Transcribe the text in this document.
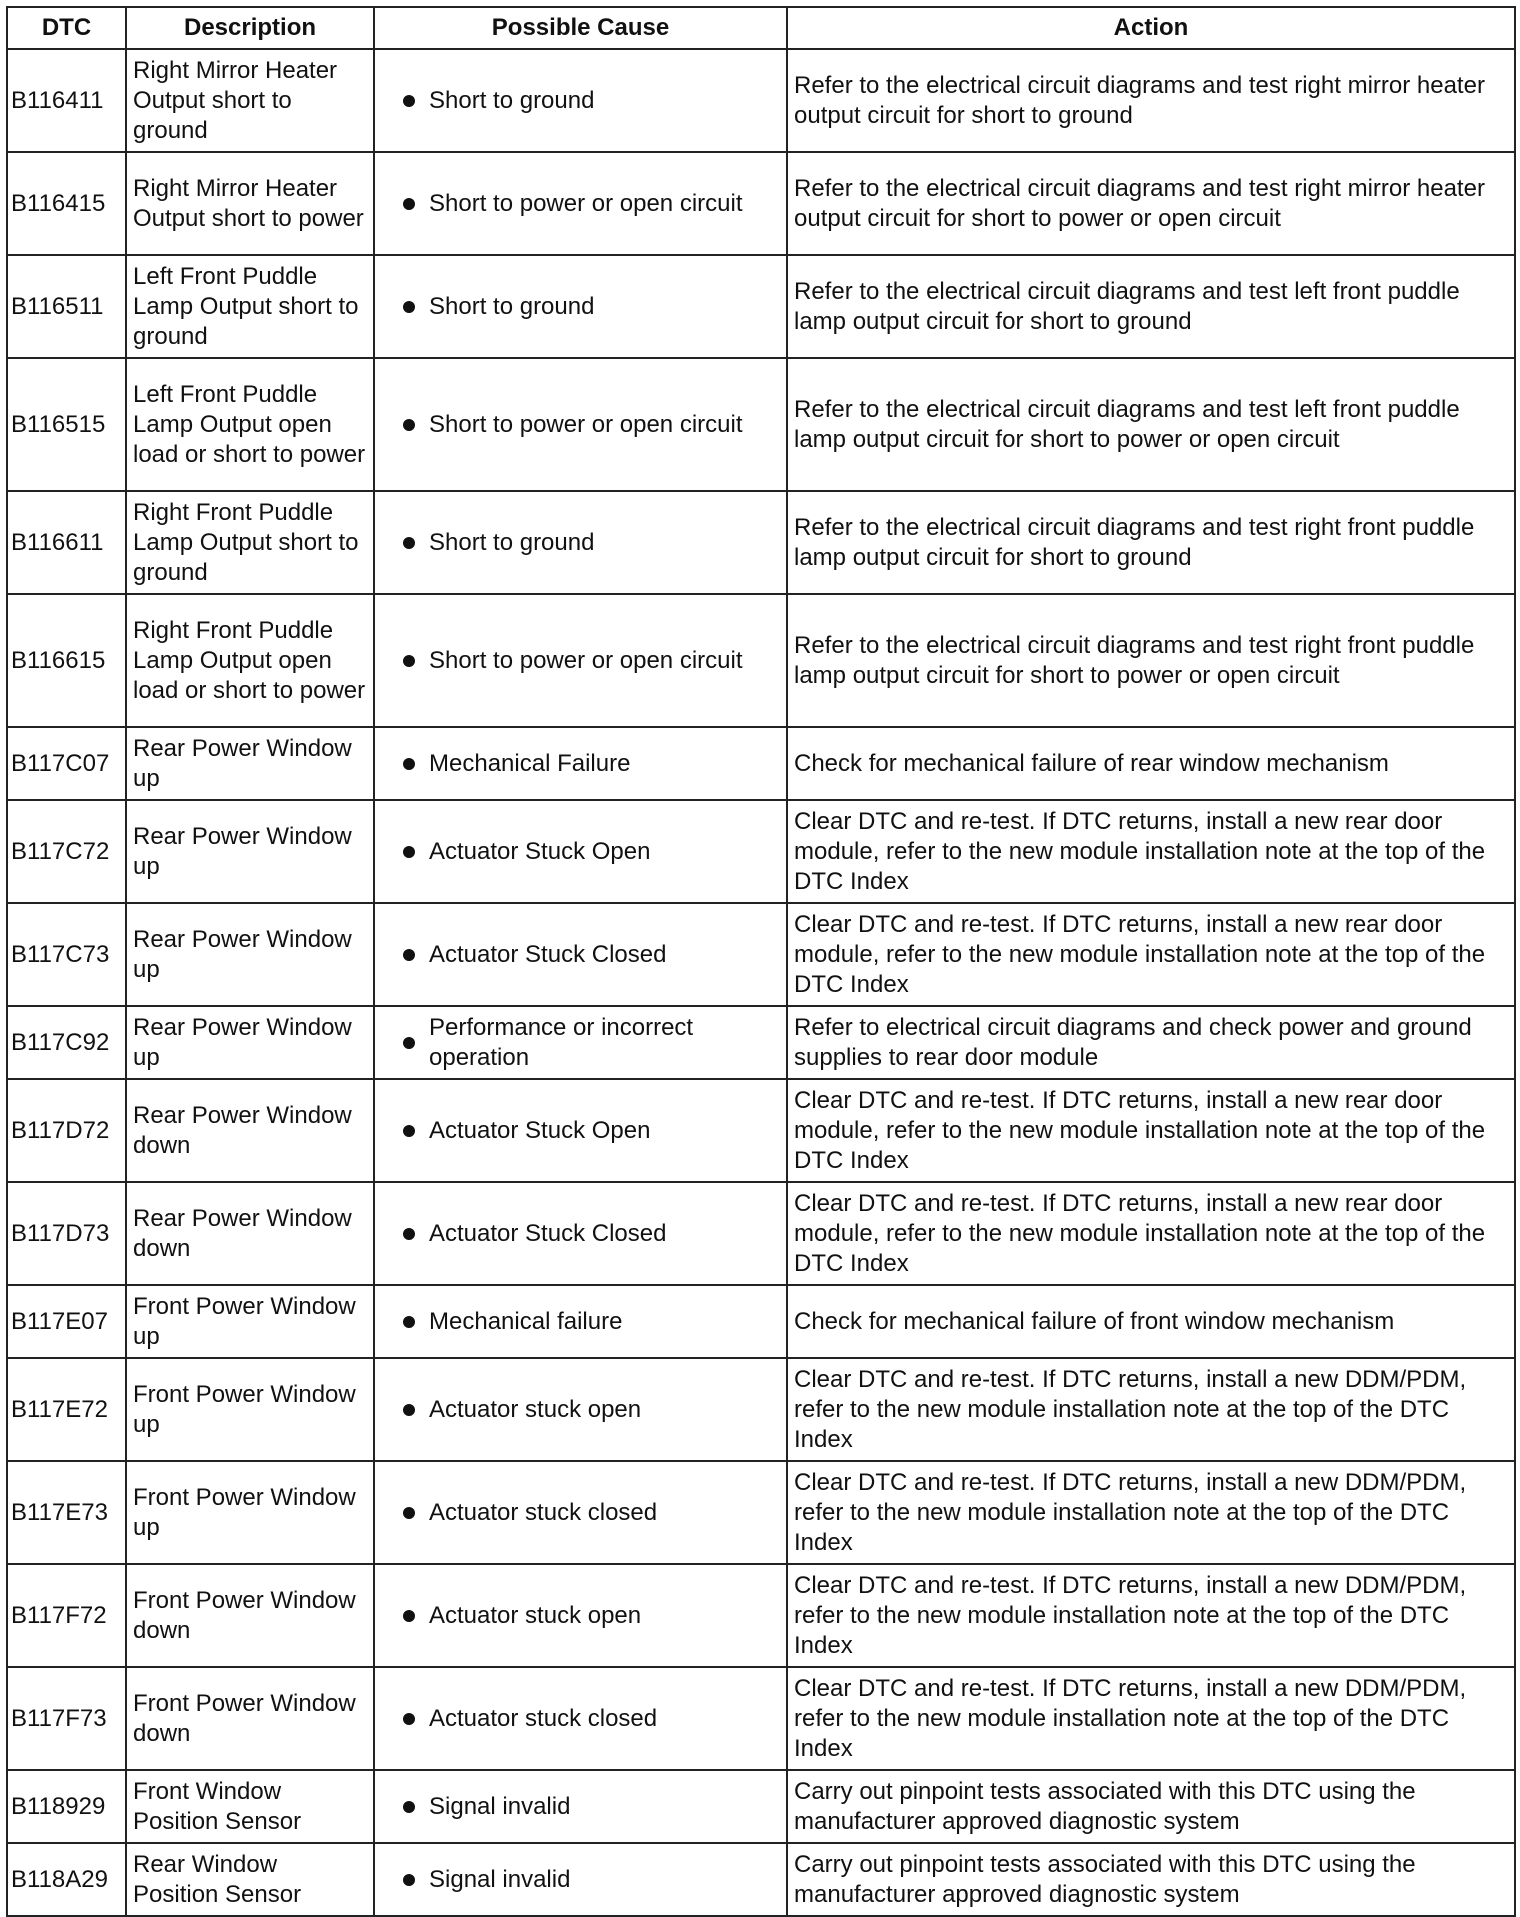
DTC	Description	Possible Cause	Action
B116411	Right Mirror Heater Output short to ground	Short to ground	Refer to the electrical circuit diagrams and test right mirror heater output circuit for short to ground
B116415	Right Mirror Heater Output short to power	Short to power or open circuit	Refer to the electrical circuit diagrams and test right mirror heater output circuit for short to power or open circuit
B116511	Left Front Puddle Lamp Output short to ground	Short to ground	Refer to the electrical circuit diagrams and test left front puddle lamp output circuit for short to ground
B116515	Left Front Puddle Lamp Output open load or short to power	Short to power or open circuit	Refer to the electrical circuit diagrams and test left front puddle lamp output circuit for short to power or open circuit
B116611	Right Front Puddle Lamp Output short to ground	Short to ground	Refer to the electrical circuit diagrams and test right front puddle lamp output circuit for short to ground
B116615	Right Front Puddle Lamp Output open load or short to power	Short to power or open circuit	Refer to the electrical circuit diagrams and test right front puddle lamp output circuit for short to power or open circuit
B117C07	Rear Power Window up	Mechanical Failure	Check for mechanical failure of rear window mechanism
B117C72	Rear Power Window up	Actuator Stuck Open	Clear DTC and re-test. If DTC returns, install a new rear door module, refer to the new module installation note at the top of the DTC Index
B117C73	Rear Power Window up	Actuator Stuck Closed	Clear DTC and re-test. If DTC returns, install a new rear door module, refer to the new module installation note at the top of the DTC Index
B117C92	Rear Power Window up	Performance or incorrect operation	Refer to electrical circuit diagrams and check power and ground supplies to rear door module
B117D72	Rear Power Window down	Actuator Stuck Open	Clear DTC and re-test. If DTC returns, install a new rear door module, refer to the new module installation note at the top of the DTC Index
B117D73	Rear Power Window down	Actuator Stuck Closed	Clear DTC and re-test. If DTC returns, install a new rear door module, refer to the new module installation note at the top of the DTC Index
B117E07	Front Power Window up	Mechanical failure	Check for mechanical failure of front window mechanism
B117E72	Front Power Window up	Actuator stuck open	Clear DTC and re-test. If DTC returns, install a new DDM/PDM, refer to the new module installation note at the top of the DTC Index
B117E73	Front Power Window up	Actuator stuck closed	Clear DTC and re-test. If DTC returns, install a new DDM/PDM, refer to the new module installation note at the top of the DTC Index
B117F72	Front Power Window down	Actuator stuck open	Clear DTC and re-test. If DTC returns, install a new DDM/PDM, refer to the new module installation note at the top of the DTC Index
B117F73	Front Power Window down	Actuator stuck closed	Clear DTC and re-test. If DTC returns, install a new DDM/PDM, refer to the new module installation note at the top of the DTC Index
B118929	Front Window Position Sensor	Signal invalid	Carry out pinpoint tests associated with this DTC using the manufacturer approved diagnostic system
B118A29	Rear Window Position Sensor	Signal invalid	Carry out pinpoint tests associated with this DTC using the manufacturer approved diagnostic system
